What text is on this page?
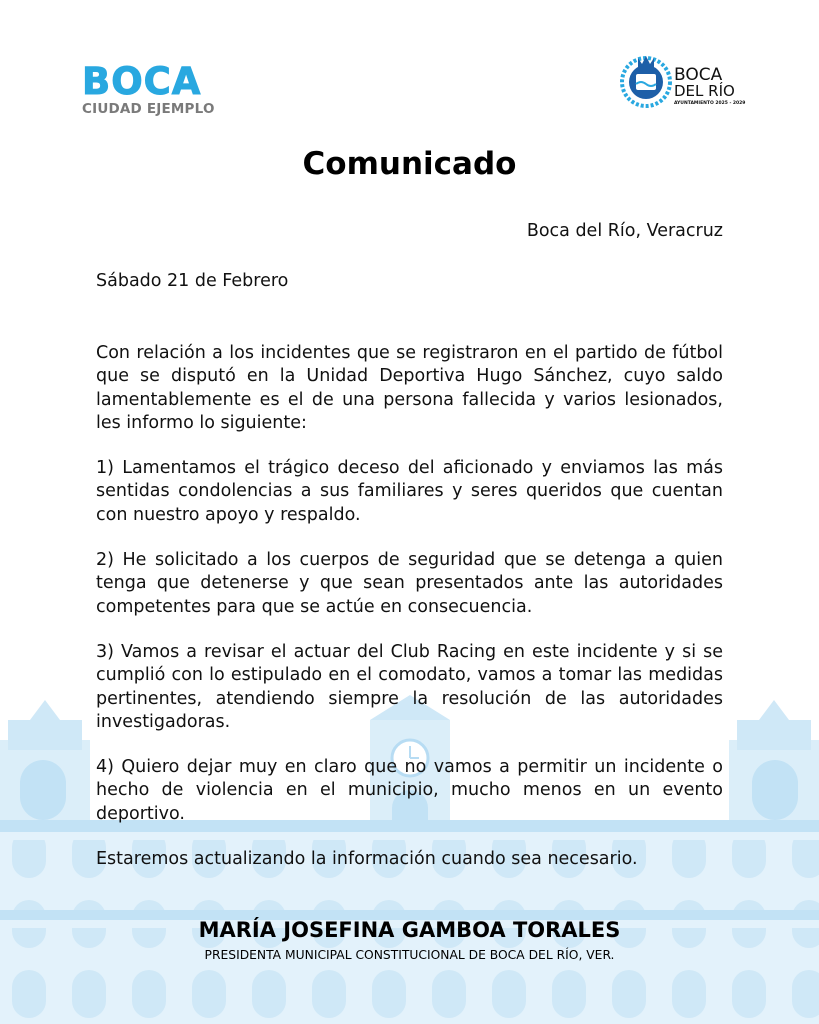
BOCA
CIUDAD EJEMPLO
BOCA
DEL RÍO
AYUNTAMIENTO 2025 - 2029
Comunicado
Boca del Río, Veracruz
Sábado 21 de Febrero

Con relación a los incidentes que se registraron en el partido de fútbol que se disputó en la Unidad Deportiva Hugo Sánchez, cuyo saldo lamentablemente es el de una persona fallecida y varios lesionados, les informo lo siguiente:

1) Lamentamos el trágico deceso del aficionado y enviamos las más sentidas condolencias a sus familiares y seres queridos que cuentan con nuestro apoyo y respaldo.

2) He solicitado a los cuerpos de seguridad que se detenga a quien tenga que detenerse y que sean presentados ante las autoridades competentes para que se actúe en consecuencia.

3) Vamos a revisar el actuar del Club Racing en este incidente y si se cumplió con lo estipulado en el comodato, vamos a tomar las medidas pertinentes, atendiendo siempre la resolución de las autoridades investigadoras.

4) Quiero dejar muy en claro que no vamos a permitir un incidente o hecho de violencia en el municipio, mucho menos en un evento deportivo.

Estaremos actualizando la información cuando sea necesario.

MARÍA JOSEFINA GAMBOA TORALES
PRESIDENTA MUNICIPAL CONSTITUCIONAL DE BOCA DEL RÍO, VER.
